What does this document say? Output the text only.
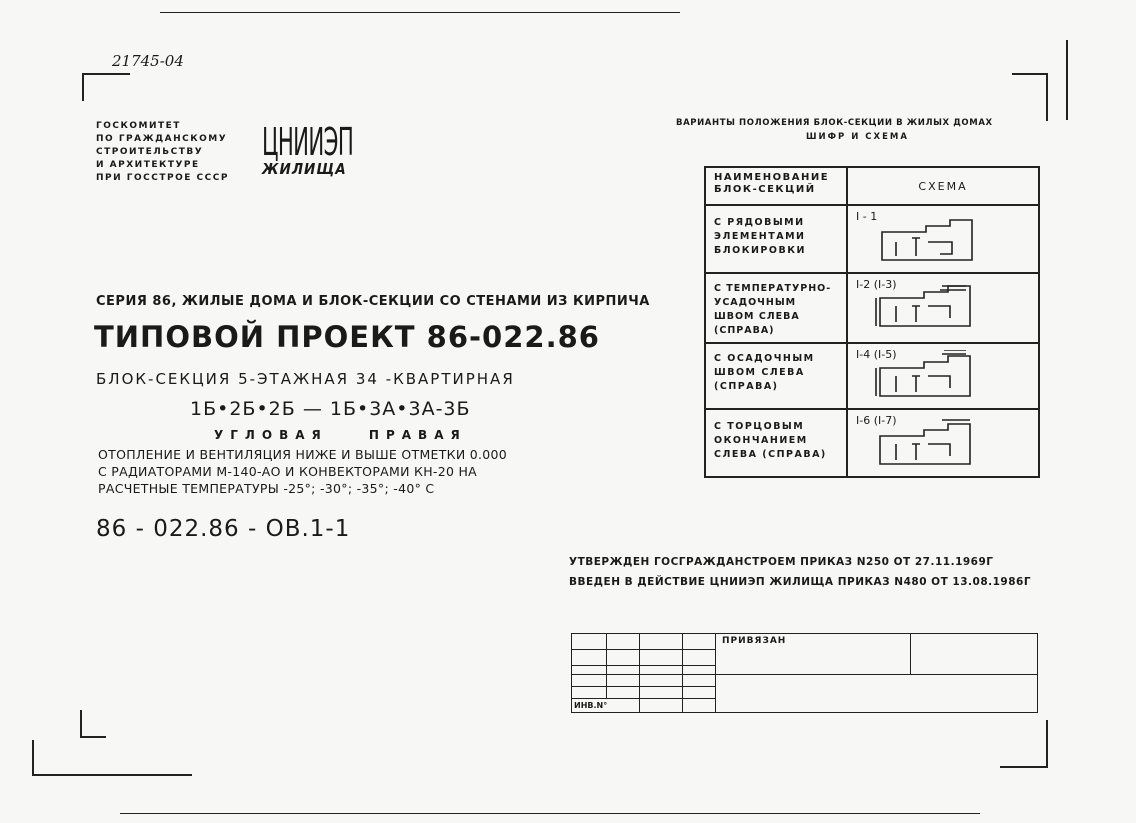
21745-04
ГОСКОМИТЕТ
ПО ГРАЖДАНСКОМУ
СТРОИТЕЛЬСТВУ
И АРХИТЕКТУРЕ
ПРИ ГОССТРОЕ СССР
ЦНИИЭП
ЖИЛИЩА
СЕРИЯ 86, ЖИЛЫЕ ДОМА И БЛОК-СЕКЦИИ СО СТЕНАМИ ИЗ КИРПИЧА
ТИПОВОЙ ПРОЕКТ 86-022.86
БЛОК-СЕКЦИЯ 5-ЭТАЖНАЯ 34 -КВАРТИРНАЯ
1Б•2Б•2Б — 1Б•3А•3А-3Б
УГЛОВАЯ ПРАВАЯ
ОТОПЛЕНИЕ И ВЕНТИЛЯЦИЯ НИЖЕ И ВЫШЕ ОТМЕТКИ 0.000
С РАДИАТОРАМИ М-140-АО И КОНВЕКТОРАМИ КН-20 НА
РАСЧЕТНЫЕ ТЕМПЕРАТУРЫ -25°; -30°; -35°; -40° С
86 - 022.86 - ОВ.1-1
ВАРИАНТЫ ПОЛОЖЕНИЯ БЛОК-СЕКЦИИ В ЖИЛЫХ ДОМАХ
ШИФР И СХЕМА
НАИМЕНОВАНИЕ БЛОК-СЕКЦИЙ	СХЕМА
С РЯДОВЫМИ ЭЛЕМЕНТАМИ БЛОКИРОВКИ	I - 1

С ТЕМПЕРАТУРНО-УСАДОЧНЫМ ШВОМ СЛЕВА (СПРАВА)	I-2 (I-3)

С ОСАДОЧНЫМ ШВОМ СЛЕВА (СПРАВА)	I-4 (I-5)

С ТОРЦОВЫМ ОКОНЧАНИЕМ СЛЕВА (СПРАВА)	I-6 (I-7)
УТВЕРЖДЕН ГОСГРАЖДАНСТРОЕМ ПРИКАЗ N250 ОТ 27.11.1969Г
ВВЕДЕН В ДЕЙСТВИЕ ЦНИИЭП ЖИЛИЩА ПРИКАЗ N480 ОТ 13.08.1986Г
				ПРИВЯЗАН	

ИНВ.N°					
